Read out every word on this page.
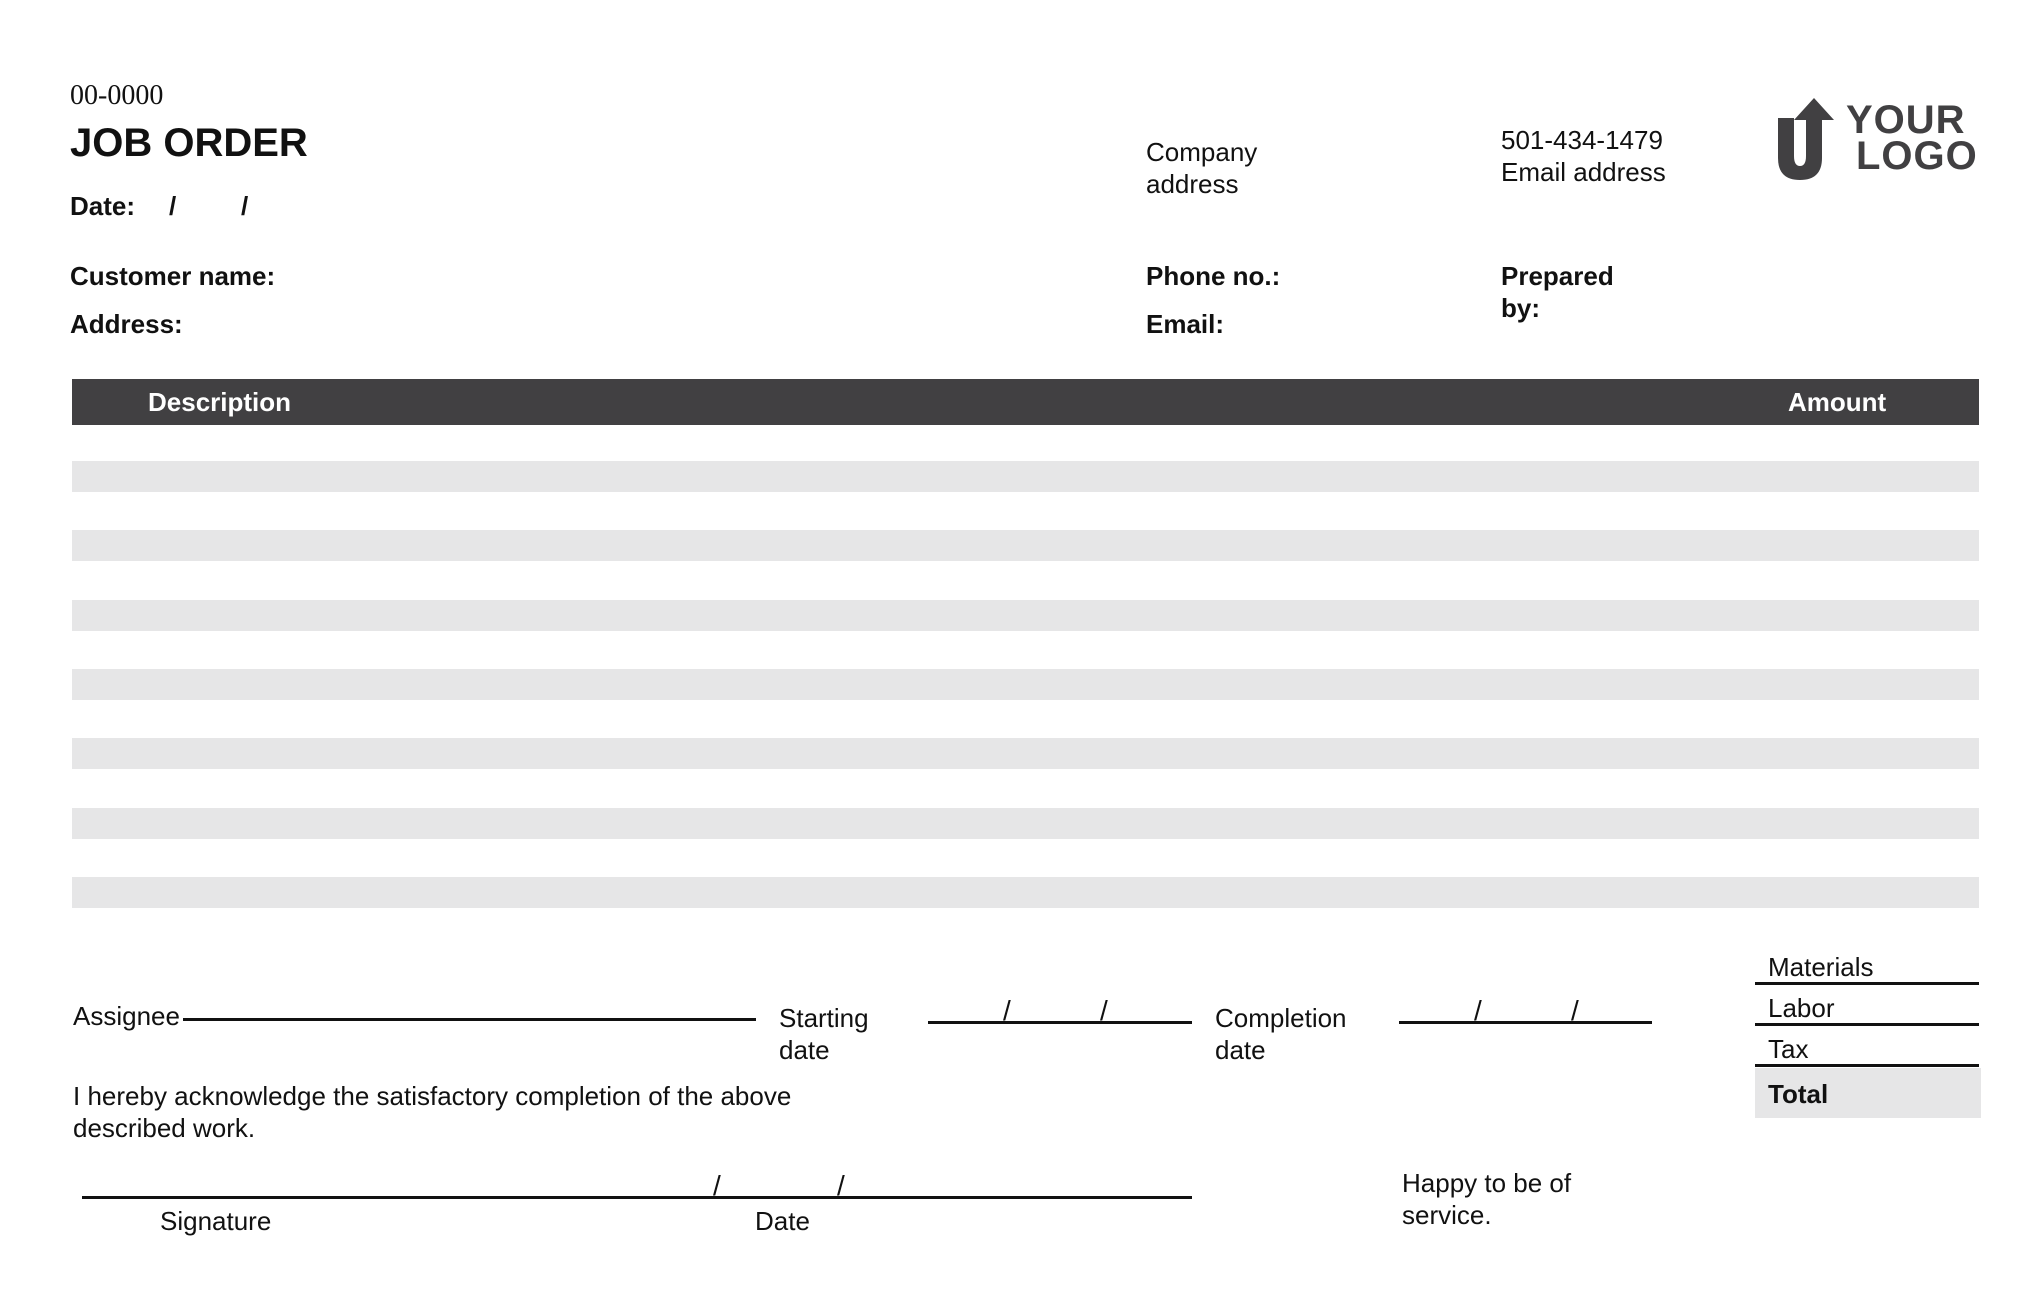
00-0000
JOB ORDER
Date: / /
Company
address
501-434-1479
Email address
YOUR
LOGO
Customer name:
Address:
Phone no.:
Email:
Prepared
by:
Description	Amount
Assignee	Starting
date
/	/	Completion
date
/	/
Materials
Labor
Tax
Total
I hereby acknowledge the satisfactory completion of the above
described work.
/	/
Signature	Date
Happy to be of
service.
